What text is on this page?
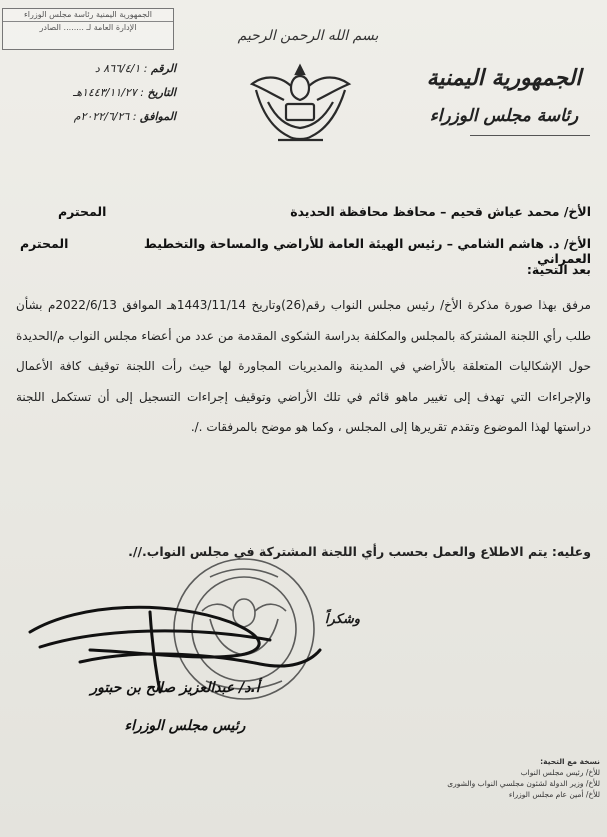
الجمهورية اليمنية رئاسة مجلس الوزراء
الإدارة العامة لـ ........ الصادر
الرقم : ٨٦٦/٤/١ د
التاريخ : ١٤٤٣/١١/٢٧هـ
الموافق : ٢٠٢٢/٦/٢٦م
بسم الله الرحمن الرحيم
الجمهورية اليمنية
رئاسة مجلس الوزراء
الأخ/ محمد عياش قحيم – محافظ محافظة الحديدة
المحترم
الأخ/ د. هاشم الشامي – رئيس الهيئة العامة للأراضي والمساحة والتخطيط العمراني
المحترم
بعد التحية:
مرفق بهذا صورة مذكرة الأخ/ رئيس مجلس النواب رقم(26)وتاريخ 1443/11/14هـ الموافق 2022/6/13م بشأن طلب رأي اللجنة المشتركة بالمجلس والمكلفة بدراسة الشكوى المقدمة من عدد من أعضاء مجلس النواب م/الحديدة حول الإشكاليات المتعلقة بالأراضي في المدينة والمديريات المجاورة لها حيث رأت اللجنة توقيف كافة الأعمال والإجراءات التي تهدف إلى تغيير ماهو قائم في تلك الأراضي وتوقيف إجراءات التسجيل إلى أن تستكمل اللجنة دراستها لهذا الموضوع وتقدم تقريرها إلى المجلس ، وكما هو موضح بالمرفقات ./.
وعليه: يتم الاطلاع والعمل بحسب رأي اللجنة المشتركة في مجلس النواب.//.
وشكراً
أ.د/ عبدالعزيز صالح بن حبتور
رئيس مجلس الوزراء
نسخة مع التحية:
للأخ/ رئيس مجلس النواب
للأخ/ وزير الدولة لشئون مجلسي النواب والشورى
للأخ/ أمين عام مجلس الوزراء
